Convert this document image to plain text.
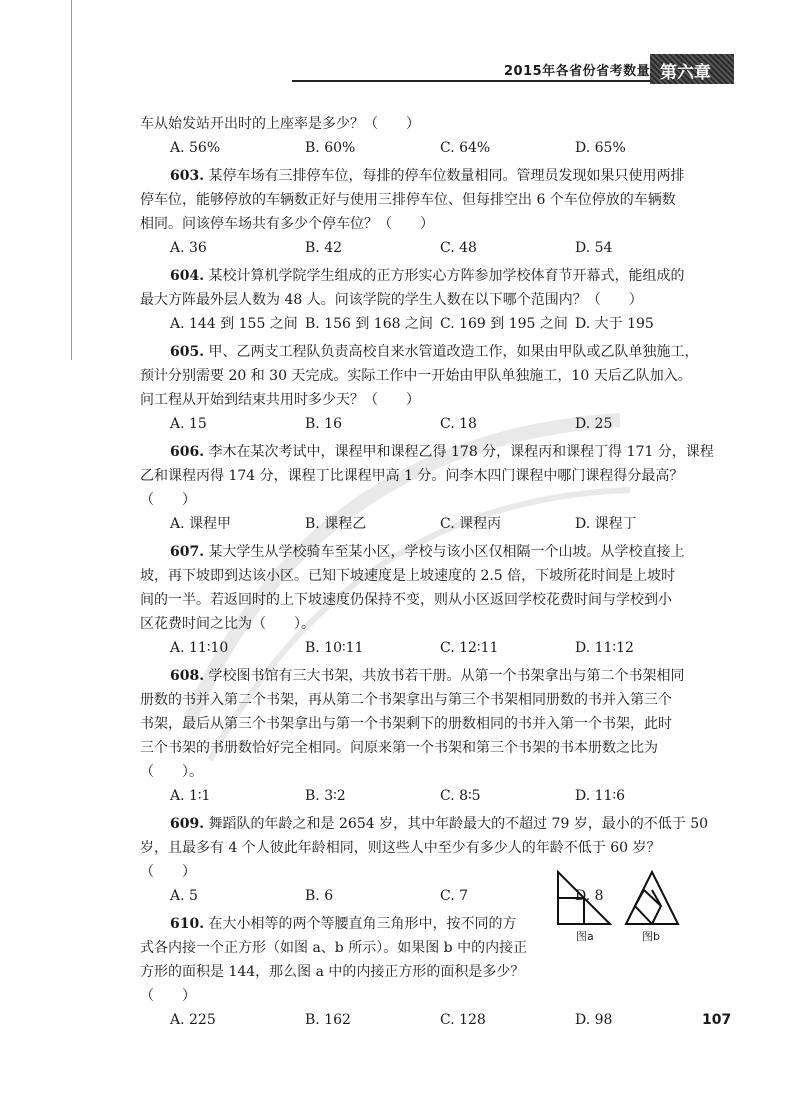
2015年各省份省考数量 第六章
车从始发站开出时的上座率是多少？（　　）
A. 56%	B. 60%	C. 64%	D. 65%
603. 某停车场有三排停车位，每排的停车位数量相同。管理员发现如果只使用两排
停车位，能够停放的车辆数正好与使用三排停车位、但每排空出 6 个车位停放的车辆数
相同。问该停车场共有多少个停车位？（　　）
A. 36	B. 42	C. 48	D. 54
604. 某校计算机学院学生组成的正方形实心方阵参加学校体育节开幕式，能组成的
最大方阵最外层人数为 48 人。问该学院的学生人数在以下哪个范围内？（　　）
A. 144 到 155 之间 B. 156 到 168 之间 C. 169 到 195 之间 D. 大于 195
605. 甲、乙两支工程队负责高校自来水管道改造工作，如果由甲队或乙队单独施工，
预计分别需要 20 和 30 天完成。实际工作中一开始由甲队单独施工，10 天后乙队加入。
问工程从开始到结束共用时多少天？（　　）
A. 15	B. 16	C. 18	D. 25
606. 李木在某次考试中，课程甲和课程乙得 178 分，课程丙和课程丁得 171 分，课程
乙和课程丙得 174 分，课程丁比课程甲高 1 分。问李木四门课程中哪门课程得分最高？
（　　）
A. 课程甲	B. 课程乙	C. 课程丙	D. 课程丁
607. 某大学生从学校骑车至某小区，学校与该小区仅相隔一个山坡。从学校直接上
坡，再下坡即到达该小区。已知下坡速度是上坡速度的 2.5 倍，下坡所花时间是上坡时
间的一半。若返回时的上下坡速度仍保持不变，则从小区返回学校花费时间与学校到小
区花费时间之比为（　　）。
A. 11∶10	B. 10∶11	C. 12∶11	D. 11∶12
608. 学校图书馆有三大书架，共放书若干册。从第一个书架拿出与第二个书架相同
册数的书并入第二个书架，再从第二个书架拿出与第三个书架相同册数的书并入第三个
书架，最后从第三个书架拿出与第一个书架剩下的册数相同的书并入第一个书架，此时
三个书架的书册数恰好完全相同。问原来第一个书架和第三个书架的书本册数之比为
（　　）。
A. 1∶1	B. 3∶2	C. 8∶5	D. 11∶6
609. 舞蹈队的年龄之和是 2654 岁，其中年龄最大的不超过 79 岁，最小的不低于 50
岁，且最多有 4 个人彼此年龄相同，则这些人中至少有多少人的年龄不低于 60 岁？
（　　）
A. 5	B. 6	C. 7	D. 8
610. 在大小相等的两个等腰直角三角形中，按不同的方
式各内接一个正方形（如图 a、b 所示）。如果图 b 中的内接正
方形的面积是 144，那么图 a 中的内接正方形的面积是多少？
（　　）
A. 225	B. 162	C. 128	D. 98
图a	图b
107
